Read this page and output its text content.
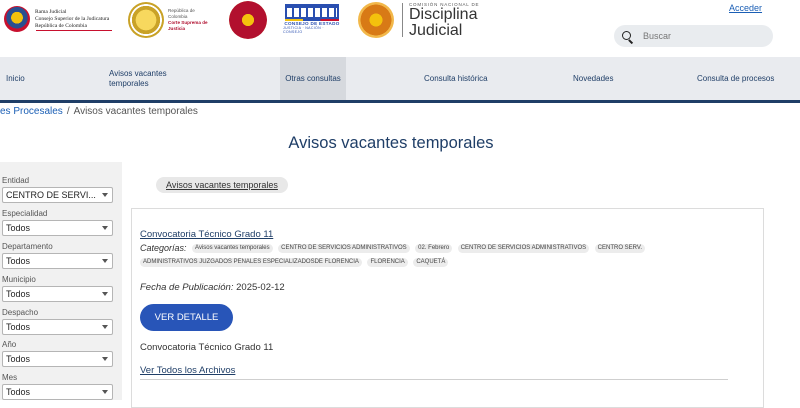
Rama Judicial
Consejo Superior de la Judicatura
República de Colombia
República de Colombia
Corte Suprema de Justicia
CONSEJO DE ESTADO
JUSTICIA · NACIÓN · CONSEJO
COMISIÓN NACIONAL DE
Disciplina
Judicial
Acceder
Buscar
Inicio
Avisos vacantes temporales
Otras consultas	Consulta histórica	Novedades	Consulta de procesos
es Procesales / Avisos vacantes temporales
Avisos vacantes temporales
Entidad
CENTRO DE SERVI...
Especialidad
Todos
Departamento
Todos
Municipio
Todos
Despacho
Todos
Año
Todos
Mes
Todos
Avisos vacantes temporales
Convocatoria Técnico Grado 11
Categorías: Avisos vacantes temporales CENTRO DE SERVICIOS ADMINISTRATIVOS 02. Febrero CENTRO DE SERVICIOS ADMINISTRATIVOS CENTRO SERV.
ADMINISTRATIVOS JUZGADOS PENALES ESPECIALIZADOSDE FLORENCIA FLORENCIA CAQUETÁ
Fecha de Publicación: 2025-02-12
VER DETALLE
Convocatoria Técnico Grado 11
Ver Todos los Archivos
